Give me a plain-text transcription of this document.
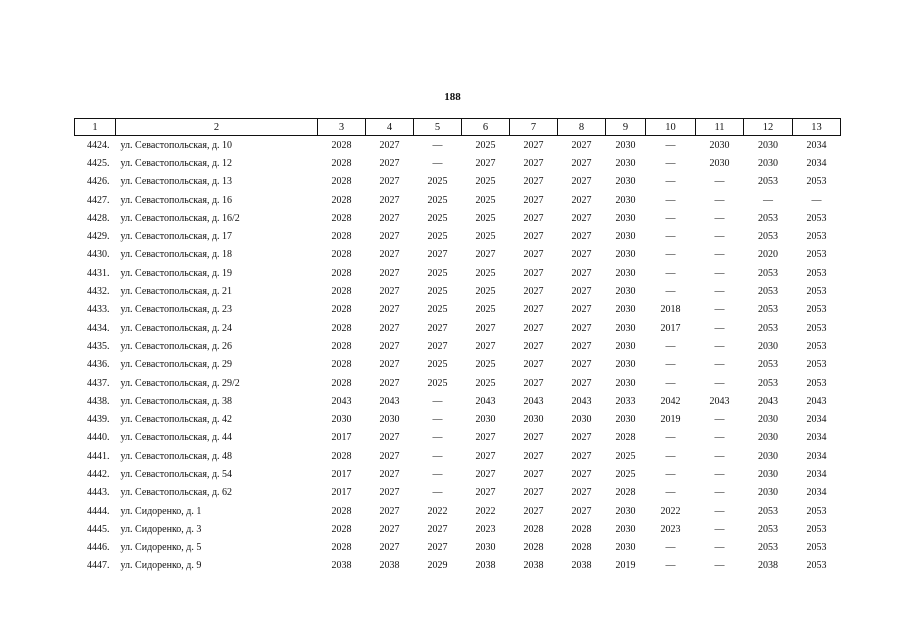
188
1	2	3	4	5	6	7	8	9	10	11	12	13
4424.	ул. Севастопольская, д. 10	2028	2027	—	2025	2027	2027	2030	—	2030	2030	2034
4425.	ул. Севастопольская, д. 12	2028	2027	—	2027	2027	2027	2030	—	2030	2030	2034
4426.	ул. Севастопольская, д. 13	2028	2027	2025	2025	2027	2027	2030	—	—	2053	2053
4427.	ул. Севастопольская, д. 16	2028	2027	2025	2025	2027	2027	2030	—	—	—	—
4428.	ул. Севастопольская, д. 16/2	2028	2027	2025	2025	2027	2027	2030	—	—	2053	2053
4429.	ул. Севастопольская, д. 17	2028	2027	2025	2025	2027	2027	2030	—	—	2053	2053
4430.	ул. Севастопольская, д. 18	2028	2027	2027	2027	2027	2027	2030	—	—	2020	2053
4431.	ул. Севастопольская, д. 19	2028	2027	2025	2025	2027	2027	2030	—	—	2053	2053
4432.	ул. Севастопольская, д. 21	2028	2027	2025	2025	2027	2027	2030	—	—	2053	2053
4433.	ул. Севастопольская, д. 23	2028	2027	2025	2025	2027	2027	2030	2018	—	2053	2053
4434.	ул. Севастопольская, д. 24	2028	2027	2027	2027	2027	2027	2030	2017	—	2053	2053
4435.	ул. Севастопольская, д. 26	2028	2027	2027	2027	2027	2027	2030	—	—	2030	2053
4436.	ул. Севастопольская, д. 29	2028	2027	2025	2025	2027	2027	2030	—	—	2053	2053
4437.	ул. Севастопольская, д. 29/2	2028	2027	2025	2025	2027	2027	2030	—	—	2053	2053
4438.	ул. Севастопольская, д. 38	2043	2043	—	2043	2043	2043	2033	2042	2043	2043	2043
4439.	ул. Севастопольская, д. 42	2030	2030	—	2030	2030	2030	2030	2019	—	2030	2034
4440.	ул. Севастопольская, д. 44	2017	2027	—	2027	2027	2027	2028	—	—	2030	2034
4441.	ул. Севастопольская, д. 48	2028	2027	—	2027	2027	2027	2025	—	—	2030	2034
4442.	ул. Севастопольская, д. 54	2017	2027	—	2027	2027	2027	2025	—	—	2030	2034
4443.	ул. Севастопольская, д. 62	2017	2027	—	2027	2027	2027	2028	—	—	2030	2034
4444.	ул. Сидоренко, д. 1	2028	2027	2022	2022	2027	2027	2030	2022	—	2053	2053
4445.	ул. Сидоренко, д. 3	2028	2027	2027	2023	2028	2028	2030	2023	—	2053	2053
4446.	ул. Сидоренко, д. 5	2028	2027	2027	2030	2028	2028	2030	—	—	2053	2053
4447.	ул. Сидоренко, д. 9	2038	2038	2029	2038	2038	2038	2019	—	—	2038	2053
